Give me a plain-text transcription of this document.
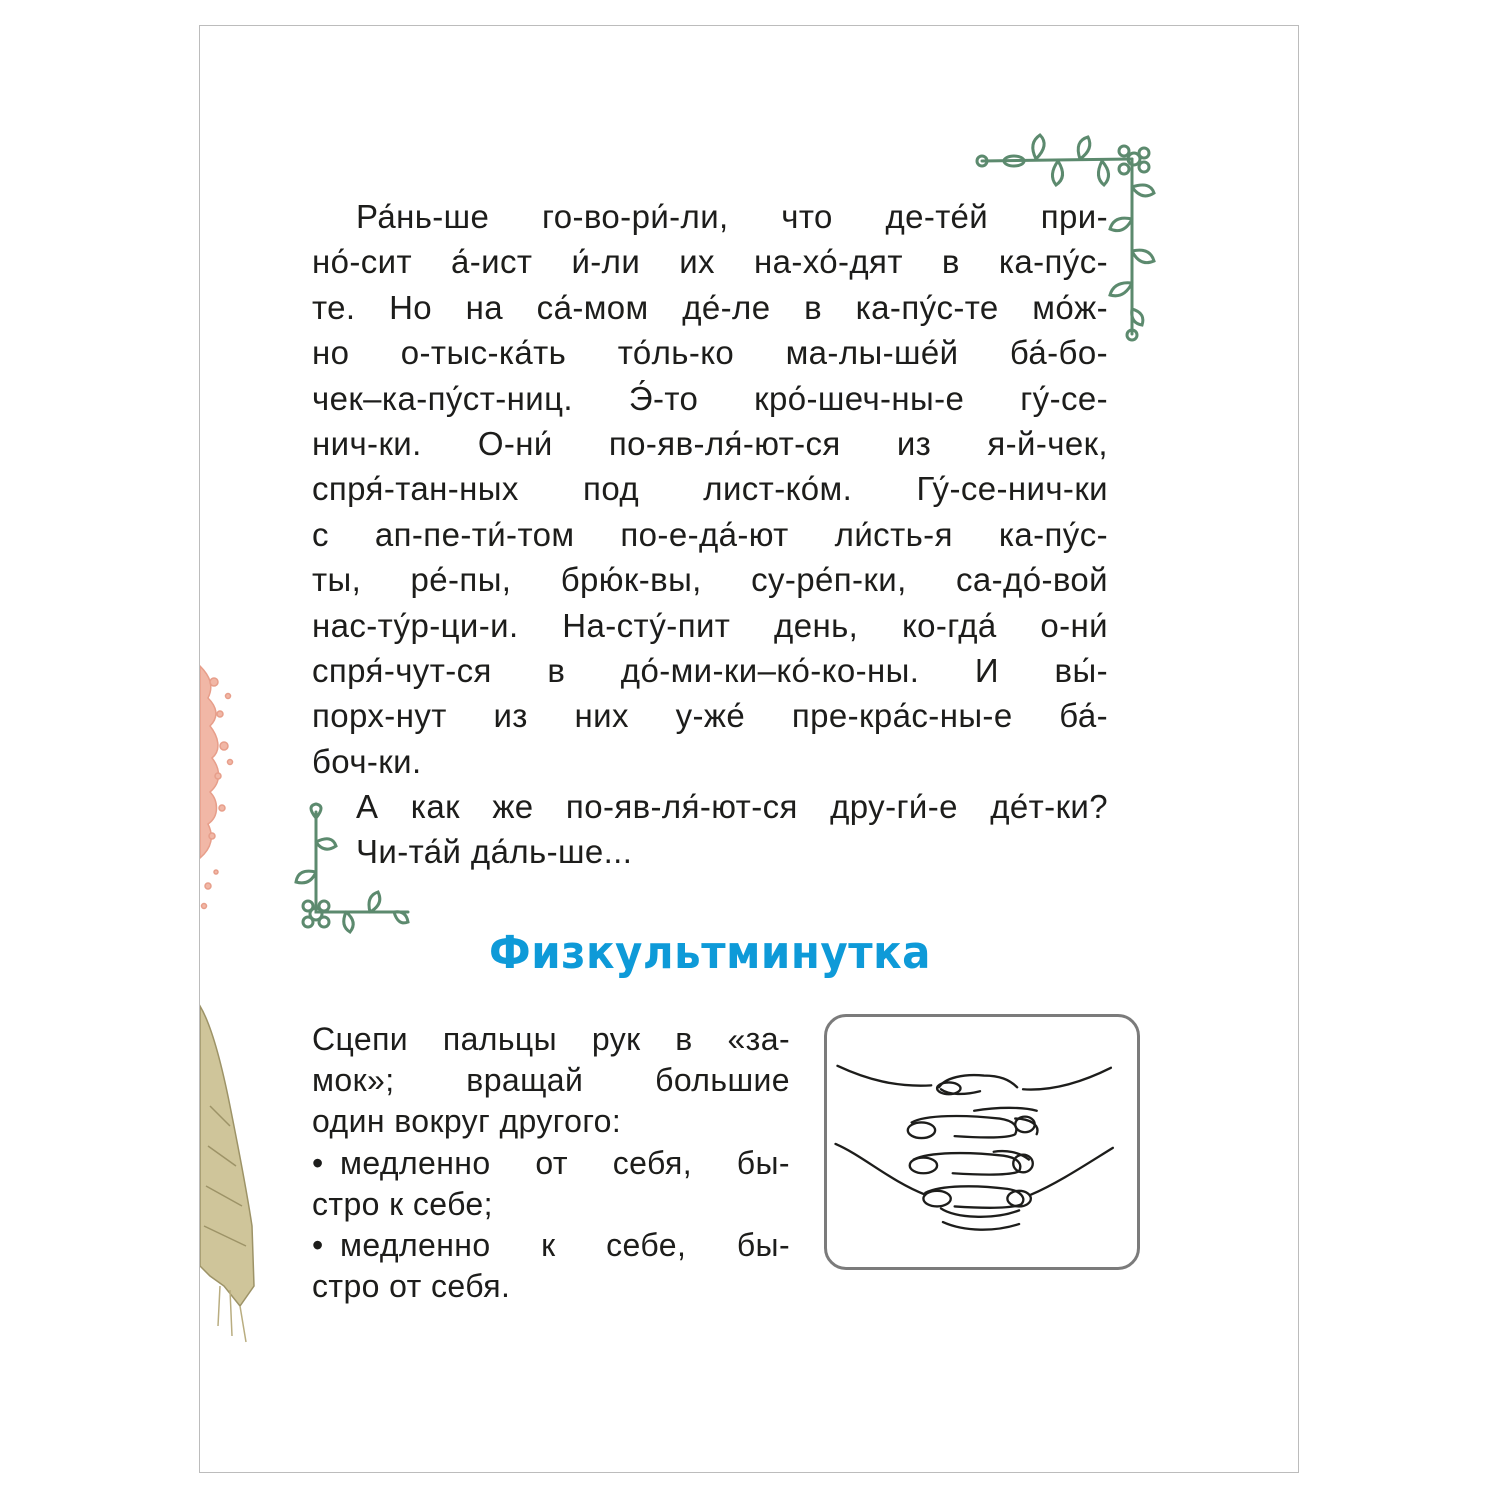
Ра́нь-ше го-во-ри́-ли, что де-те́й при-
но́-сит а́-ист и́-ли их на-хо́-дят в ка-пу́с-
те. Но на са́-мом де́-ле в ка-пу́с-те мо́ж-
но о-тыс-ка́ть то́ль-ко ма-лы-ше́й ба́-бо-
чек–ка-пу́ст-ниц. Э́-то кро́-шеч-ны-е гу́-се-
нич-ки. О-ни́ по-яв-ля́-ют-ся из я-й-чек,
спря́-тан-ных под лист-ко́м. Гу́-се-нич-ки
с ап-пе-ти́-том по-е-да́-ют ли́сть-я ка-пу́с-
ты, ре́-пы, брю́к-вы, су-ре́п-ки, са-до́-вой
нас-ту́р-ци-и. На-сту́-пит день, ко-гда́ о-ни́
спря́-чут-ся в до́-ми-ки–ко́-ко-ны. И вы́-
порх-нут из них у-же́ пре-кра́с-ны-е ба́-
боч-ки.
А как же по-яв-ля́-ют-ся дру-ги́-е де́т-ки?
Чи-та́й да́ль-ше...
Физкультминутка
Сцепи пальцы рук в «за-
мок»; вращай большие
один вокруг другого:
• медленно от себя, бы-
стро к себе;
• медленно к себе, бы-
стро от себя.
